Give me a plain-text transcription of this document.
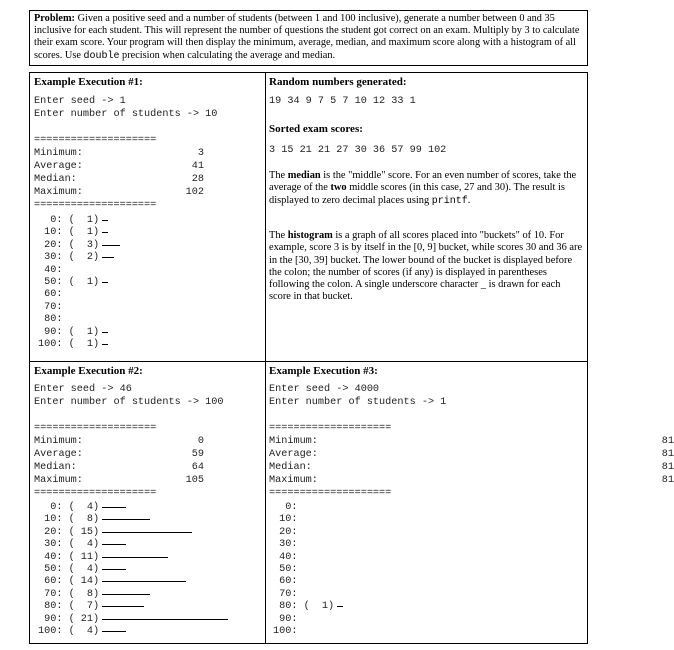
Problem: Given a positive seed and a number of students (between 1 and 100 inclusive), generate a number between 0 and 35 inclusive for each student. This will represent the number of questions the student got correct on an exam. Multiply by 3 to calculate their exam score. Your program will then display the minimum, average, median, and maximum score along with a histogram of all scores. Use double precision when calculating the average and median.
Example Execution #1:
Enter seed -> 1
Enter number of students -> 10
Random numbers generated:
19 34 9 7 5 7 10 12 33 1
Sorted exam scores:
3 15 21 21 27 30 36 57 99 102
The median is the "middle" score. For an even number of scores, take the average of the two middle scores (in this case, 27 and 30). The result is displayed to zero decimal places using printf.
The histogram is a graph of all scores placed into "buckets" of 10. For example, score 3 is by itself in the [0, 9] bucket, while scores 30 and 36 are in the [30, 39] bucket. The lower bound of the bucket is displayed before the colon; the number of scores (if any) is displayed in parentheses following the colon. A single underscore character _ is drawn for each score in that bucket.
Example Execution #2:
Enter seed -> 46
Enter number of students -> 100
Example Execution #3:
Enter seed -> 4000
Enter number of students -> 1
====================
Minimum:	3
Average:	41
Median:	28
Maximum:	102
====================
0: (  1)
10: (  1)
20: (  3)
30: (  2)
40:
50: (  1)
60:
70:
80:
90: (  1)
100: (  1)
====================
Minimum:	0
Average:	59
Median:	64
Maximum:	105
====================
0: (  4)
10: (  8)
20: ( 15)
30: (  4)
40: ( 11)
50: (  4)
60: ( 14)
70: (  8)
80: (  7)
90: ( 21)
100: (  4)
====================
Minimum:	81
Average:	81
Median:	81
Maximum:	81
====================
0:
10:
20:
30:
40:
50:
60:
70:
80: (  1)
90:
100:
